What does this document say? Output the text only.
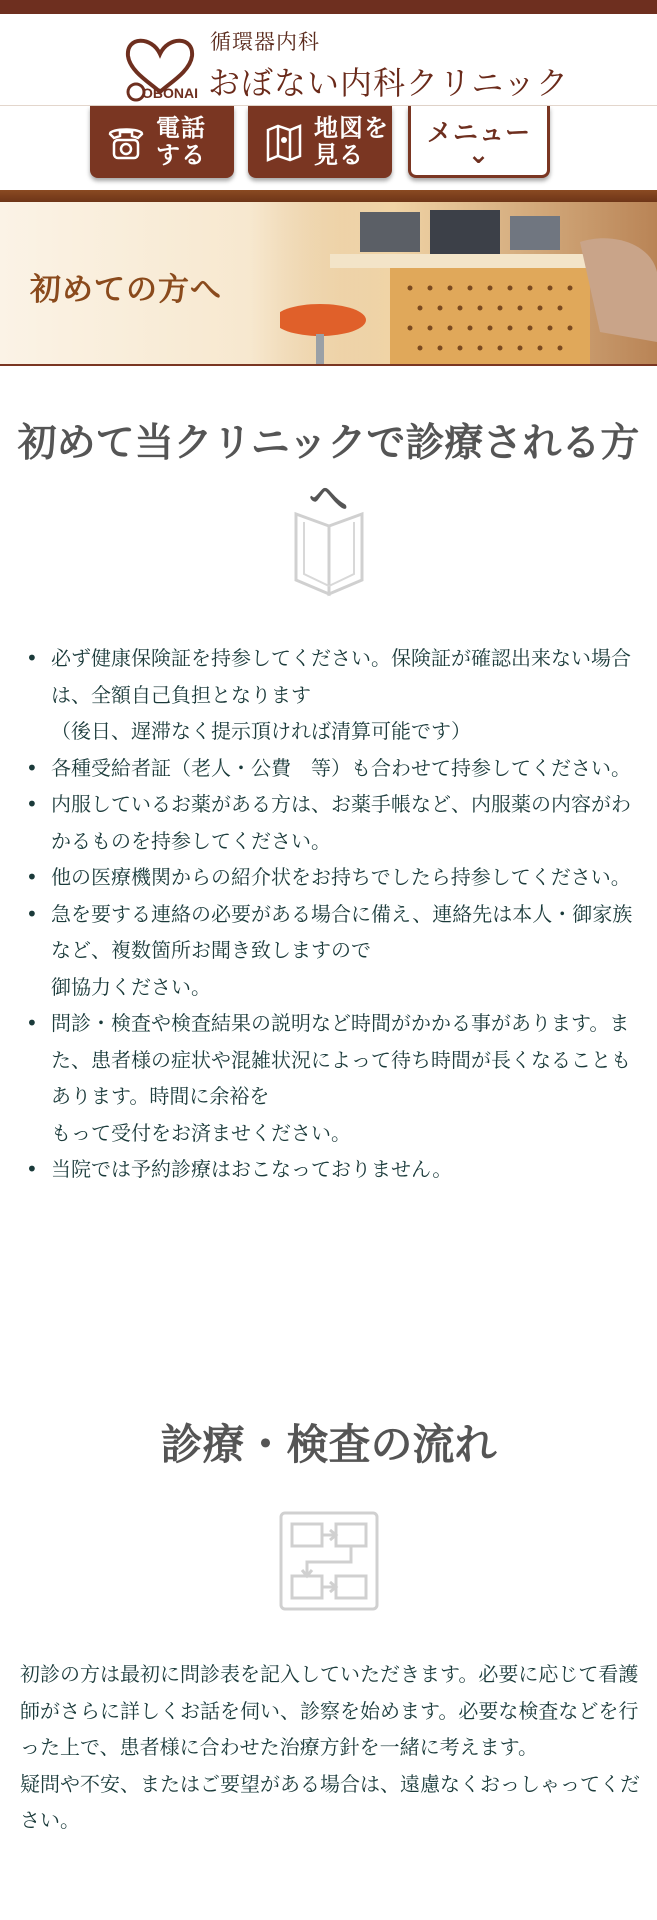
OBONAI
循環器内科
おぼない内科クリニック
電話
する
地図を
見る
メニュー
⌄
初めての方へ
初めて当クリニックで診療される方へ
• 必ず健康保険証を持参してください。保険証が確認出来ない場合は、全額自己負担となります
（後日、遅滞なく提示頂ければ清算可能です）
• 各種受給者証（老人・公費　等）も合わせて持参してください。
• 内服しているお薬がある方は、お薬手帳など、内服薬の内容がわかるものを持参してください。
• 他の医療機関からの紹介状をお持ちでしたら持参してください。
• 急を要する連絡の必要がある場合に備え、連絡先は本人・御家族など、複数箇所お聞き致しますので
御協力ください。
• 問診・検査や検査結果の説明など時間がかかる事があります。また、患者様の症状や混雑状況によって待ち時間が長くなることもあります。時間に余裕を
もって受付をお済ませください。
• 当院では予約診療はおこなっておりません。
診療・検査の流れ

初診の方は最初に問診表を記入していただきます。必要に応じて看護師がさらに詳しくお話を伺い、診察を始めます。必要な検査などを行った上で、患者様に合わせた治療方針を一緒に考えます。
疑問や不安、またはご要望がある場合は、遠慮なくおっしゃってください。
